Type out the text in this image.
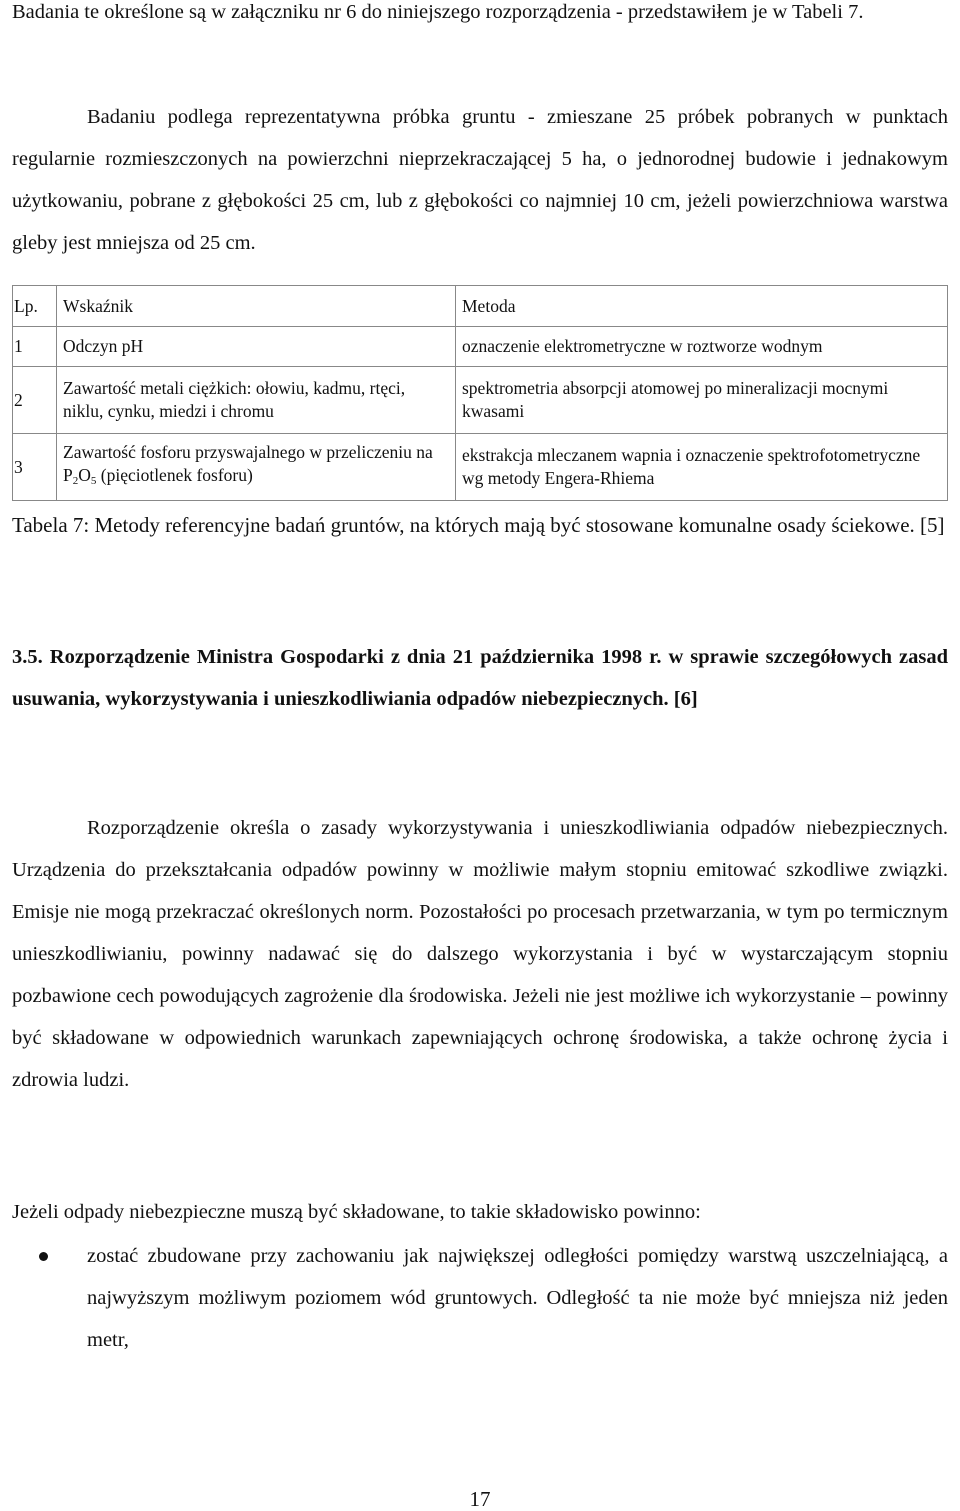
Badania te określone są w załączniku nr 6 do niniejszego rozporządzenia - przedstawiłem je w Tabeli 7.

Badaniu podlega reprezentatywna próbka gruntu - zmieszane 25 próbek pobranych w punktach regularnie rozmieszczonych na powierzchni nieprzekraczającej 5 ha, o jednorodnej budowie i jednakowym użytkowaniu, pobrane z głębokości 25 cm, lub z głębokości co najmniej 10 cm, jeżeli powierzchniowa warstwa gleby jest mniejsza od 25 cm.

Lp.	Wskaźnik	Metoda
1	Odczyn pH	oznaczenie elektrometryczne w roztworze wodnym
2	Zawartość metali ciężkich: ołowiu, kadmu, rtęci, niklu, cynku, miedzi i chromu	spektrometria absorpcji atomowej po mineralizacji mocnymi kwasami
3	Zawartość fosforu przyswajalnego w przeliczeniu na $P_2O_5$ (pięciotlenek fosforu)	ekstrakcja mleczanem wapnia i oznaczenie spektrofotometryczne wg metody Engera-Rhiema
Tabela 7: Metody referencyjne badań gruntów, na których mają być stosowane komunalne osady ściekowe. [5]
3.5. Rozporządzenie Ministra Gospodarki z dnia 21 października 1998 r. w sprawie szczegółowych zasad usuwania, wykorzystywania i unieszkodliwiania odpadów niebezpiecznych. [6]

Rozporządzenie określa o zasady wykorzystywania i unieszkodliwiania odpadów niebezpiecznych. Urządzenia do przekształcania odpadów powinny w możliwie małym stopniu emitować szkodliwe związki. Emisje nie mogą przekraczać określonych norm. Pozostałości po procesach przetwarzania, w tym po termicznym unieszkodliwianiu, powinny nadawać się do dalszego wykorzystania i być w wystarczającym stopniu pozbawione cech powodujących zagrożenie dla środowiska. Jeżeli nie jest możliwe ich wykorzystanie – powinny być składowane w odpowiednich warunkach zapewniających ochronę środowiska, a także ochronę życia i zdrowia ludzi.

Jeżeli odpady niebezpieczne muszą być składowane, to takie składowisko powinno:

zostać zbudowane przy zachowaniu jak największej odległości pomiędzy warstwą uszczelniającą, a najwyższym możliwym poziomem wód gruntowych. Odległość ta nie może być mniejsza niż jeden metr,
17
